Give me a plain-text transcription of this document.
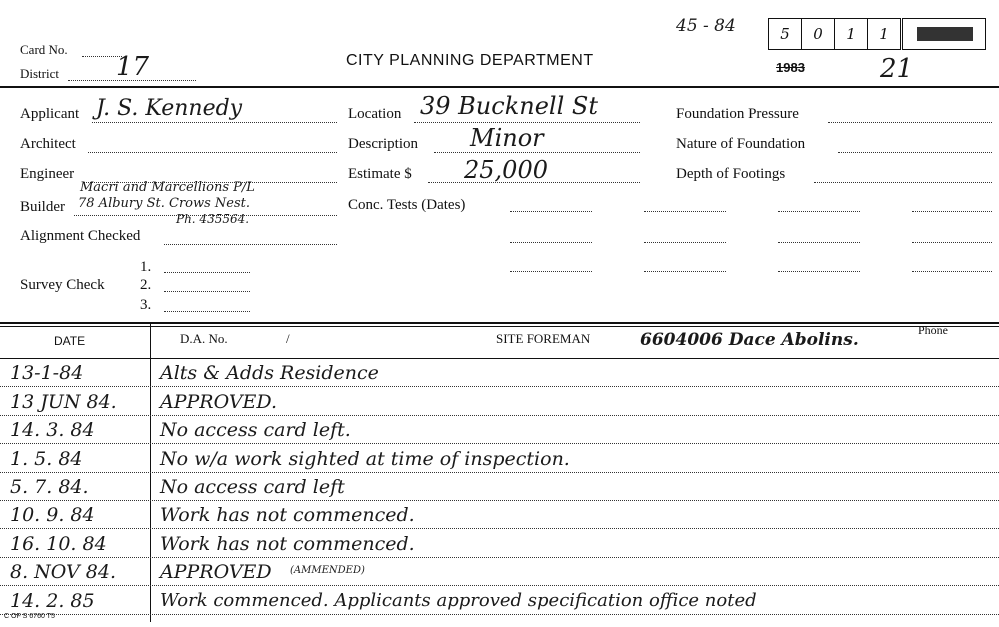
Card No.
District 17	CITY PLANNING DEPARTMENT
45 - 84	5	0	1	1
1983	21
Applicant J. S. Kennedy
Architect
Engineer
Builder
Macri and Marcellions P/L
78 Albury St. Crows Nest.
Ph. 435564.
Alignment Checked
Survey Check
1.
2.
3.
Location 39 Bucknell St
Description Minor
Estimate $ 25,000
Conc. Tests (Dates)
Foundation Pressure
Nature of Foundation
Depth of Footings
DATE	D.A. No.	/	SITE FOREMAN	6604006 Dace Abolins.	Phone
13-1-84	Alts & Adds Residence
13 JUN 84. APPROVED.
14. 3. 84	No access card left.
1. 5. 84	No w/a work sighted at time of inspection.
5. 7. 84.	No access card left
10. 9. 84	Work has not commenced.
16. 10. 84	Work has not commenced.
8. NOV 84. APPROVED (AMMENDED)
14. 2. 85	Work commenced. Applicants approved specification office noted
C OF S 6760 T5
